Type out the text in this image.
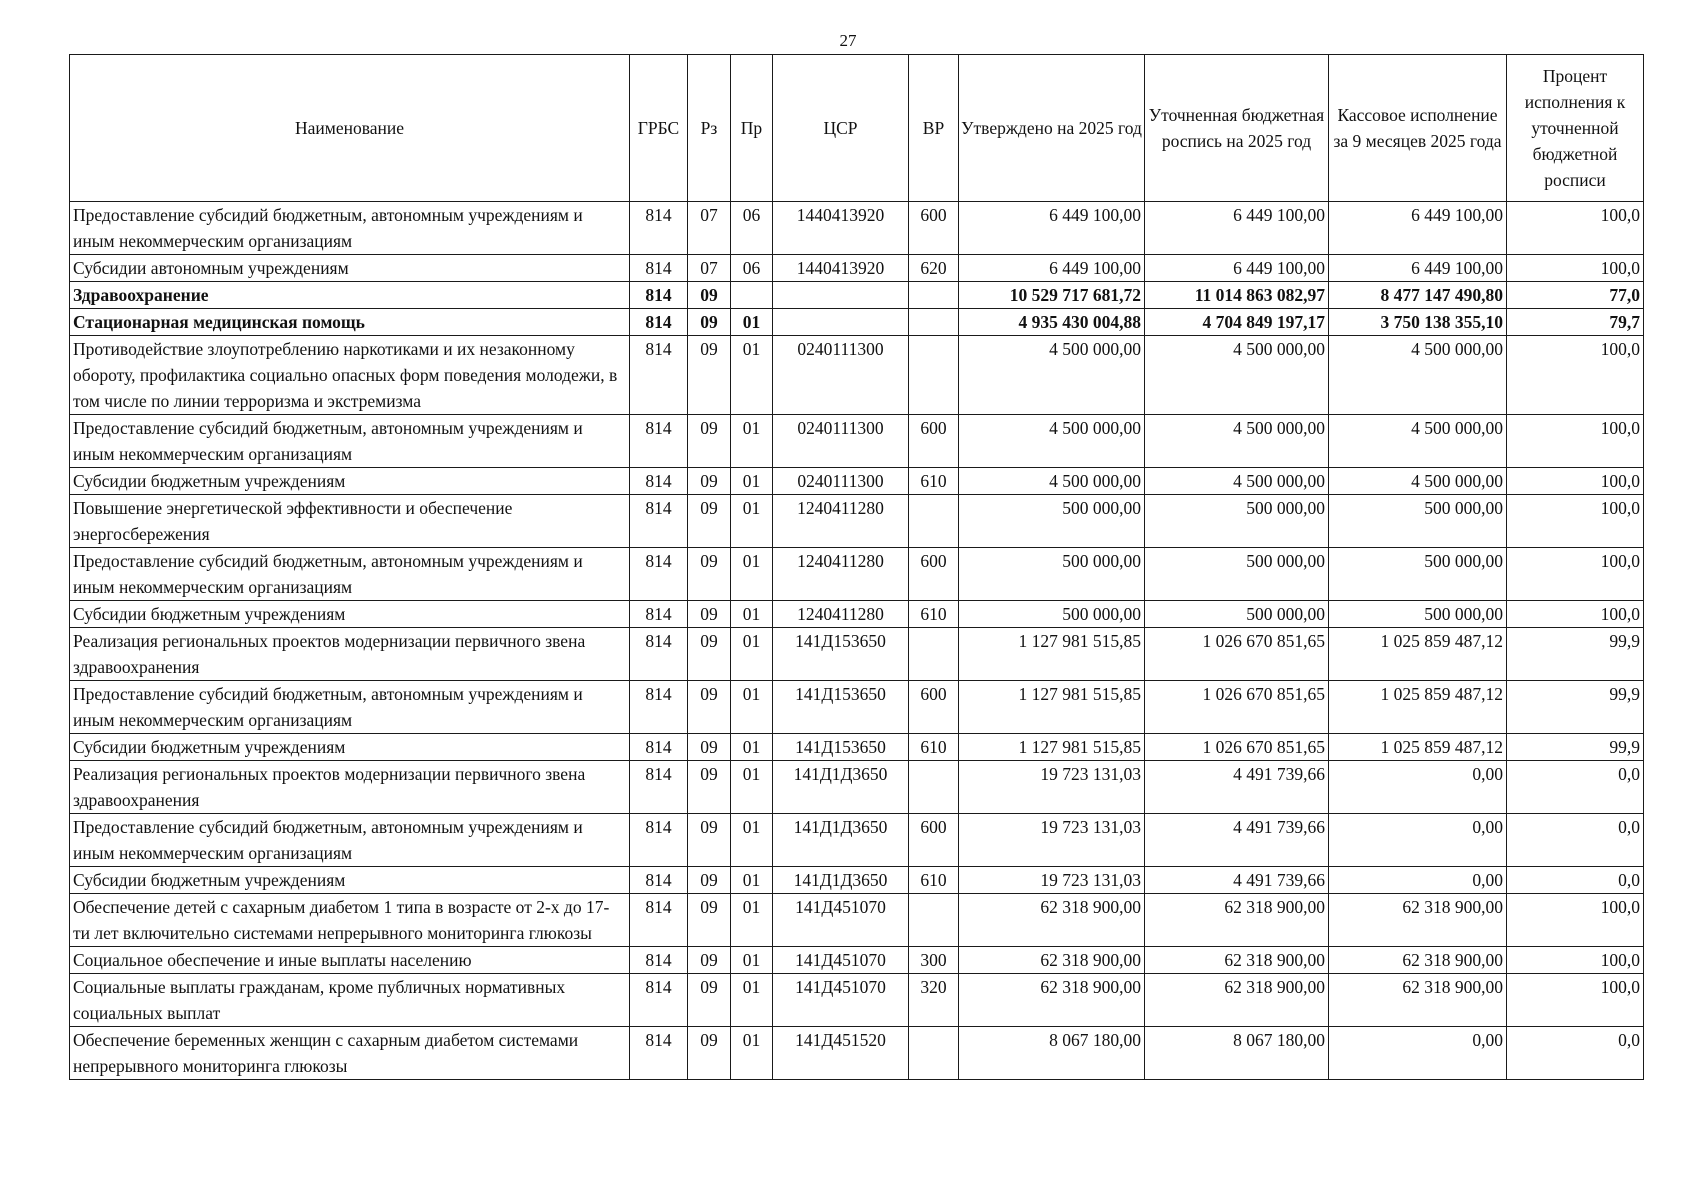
27
Наименование	ГРБС	Рз	Пр	ЦСР	ВР	Утверждено на 2025 год	Уточненная бюджетная роспись на 2025 год	Кассовое исполнение за 9 месяцев 2025 года	Процент исполнения к уточненной бюджетной росписи
Предоставление субсидий бюджетным, автономным учреждениям и иным некоммерческим организациям	814	07	06	1440413920	600	6 449 100,00	6 449 100,00	6 449 100,00	100,0
Субсидии автономным учреждениям	814	07	06	1440413920	620	6 449 100,00	6 449 100,00	6 449 100,00	100,0
Здравоохранение	814	09				10 529 717 681,72	11 014 863 082,97	8 477 147 490,80	77,0
Стационарная медицинская помощь	814	09	01			4 935 430 004,88	4 704 849 197,17	3 750 138 355,10	79,7
Противодействие злоупотреблению наркотиками и их незаконному обороту, профилактика социально опасных форм поведения молодежи, в том числе по линии терроризма и экстремизма	814	09	01	0240111300		4 500 000,00	4 500 000,00	4 500 000,00	100,0
Предоставление субсидий бюджетным, автономным учреждениям и иным некоммерческим организациям	814	09	01	0240111300	600	4 500 000,00	4 500 000,00	4 500 000,00	100,0
Субсидии бюджетным учреждениям	814	09	01	0240111300	610	4 500 000,00	4 500 000,00	4 500 000,00	100,0
Повышение энергетической эффективности и обеспечение энергосбережения	814	09	01	1240411280		500 000,00	500 000,00	500 000,00	100,0
Предоставление субсидий бюджетным, автономным учреждениям и иным некоммерческим организациям	814	09	01	1240411280	600	500 000,00	500 000,00	500 000,00	100,0
Субсидии бюджетным учреждениям	814	09	01	1240411280	610	500 000,00	500 000,00	500 000,00	100,0
Реализация региональных проектов модернизации первичного звена здравоохранения	814	09	01	141Д153650		1 127 981 515,85	1 026 670 851,65	1 025 859 487,12	99,9
Предоставление субсидий бюджетным, автономным учреждениям и иным некоммерческим организациям	814	09	01	141Д153650	600	1 127 981 515,85	1 026 670 851,65	1 025 859 487,12	99,9
Субсидии бюджетным учреждениям	814	09	01	141Д153650	610	1 127 981 515,85	1 026 670 851,65	1 025 859 487,12	99,9
Реализация региональных проектов модернизации первичного звена здравоохранения	814	09	01	141Д1Д3650		19 723 131,03	4 491 739,66	0,00	0,0
Предоставление субсидий бюджетным, автономным учреждениям и иным некоммерческим организациям	814	09	01	141Д1Д3650	600	19 723 131,03	4 491 739,66	0,00	0,0
Субсидии бюджетным учреждениям	814	09	01	141Д1Д3650	610	19 723 131,03	4 491 739,66	0,00	0,0
Обеспечение детей с сахарным диабетом 1 типа в возрасте от 2-х до 17-ти лет включительно системами непрерывного мониторинга глюкозы	814	09	01	141Д451070		62 318 900,00	62 318 900,00	62 318 900,00	100,0
Социальное обеспечение и иные выплаты населению	814	09	01	141Д451070	300	62 318 900,00	62 318 900,00	62 318 900,00	100,0
Социальные выплаты гражданам, кроме публичных нормативных социальных выплат	814	09	01	141Д451070	320	62 318 900,00	62 318 900,00	62 318 900,00	100,0
Обеспечение беременных женщин с сахарным диабетом системами непрерывного мониторинга глюкозы	814	09	01	141Д451520		8 067 180,00	8 067 180,00	0,00	0,0
